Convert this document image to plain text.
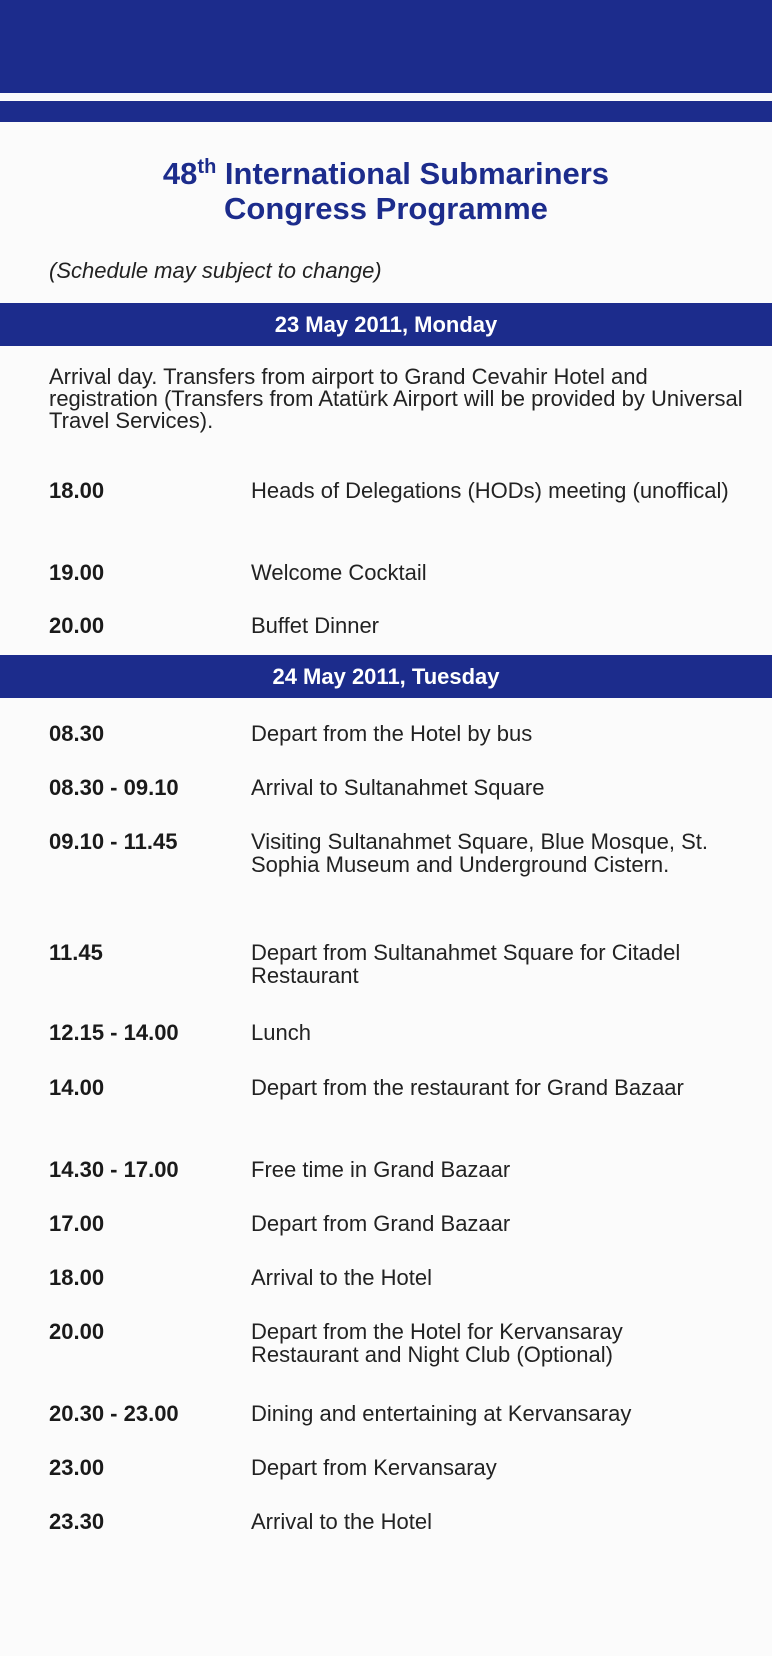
48th International Submariners
Congress Programme
(Schedule may subject to change)
23 May 2011, Monday
Arrival day. Transfers from airport to Grand Cevahir Hotel and registration (Transfers from Atatürk Airport will be provided by Universal Travel Services).
18.00	Heads of Delegations (HODs) meeting (unoffical)
19.00	Welcome Cocktail
20.00	Buffet Dinner
24 May 2011, Tuesday
08.30	Depart from the Hotel by bus
08.30 - 09.10	Arrival to Sultanahmet Square
09.10 - 11.45	Visiting Sultanahmet Square, Blue Mosque, St. Sophia Museum and Underground Cistern.
11.45	Depart from Sultanahmet Square for Citadel Restaurant
12.15 - 14.00	Lunch
14.00	Depart from the restaurant for Grand Bazaar
14.30 - 17.00	Free time in Grand Bazaar
17.00	Depart from Grand Bazaar
18.00	Arrival to the Hotel
20.00	Depart from the Hotel for Kervansaray Restaurant and Night Club (Optional)
20.30 - 23.00	Dining and entertaining at Kervansaray
23.00	Depart from Kervansaray
23.30	Arrival to the Hotel
